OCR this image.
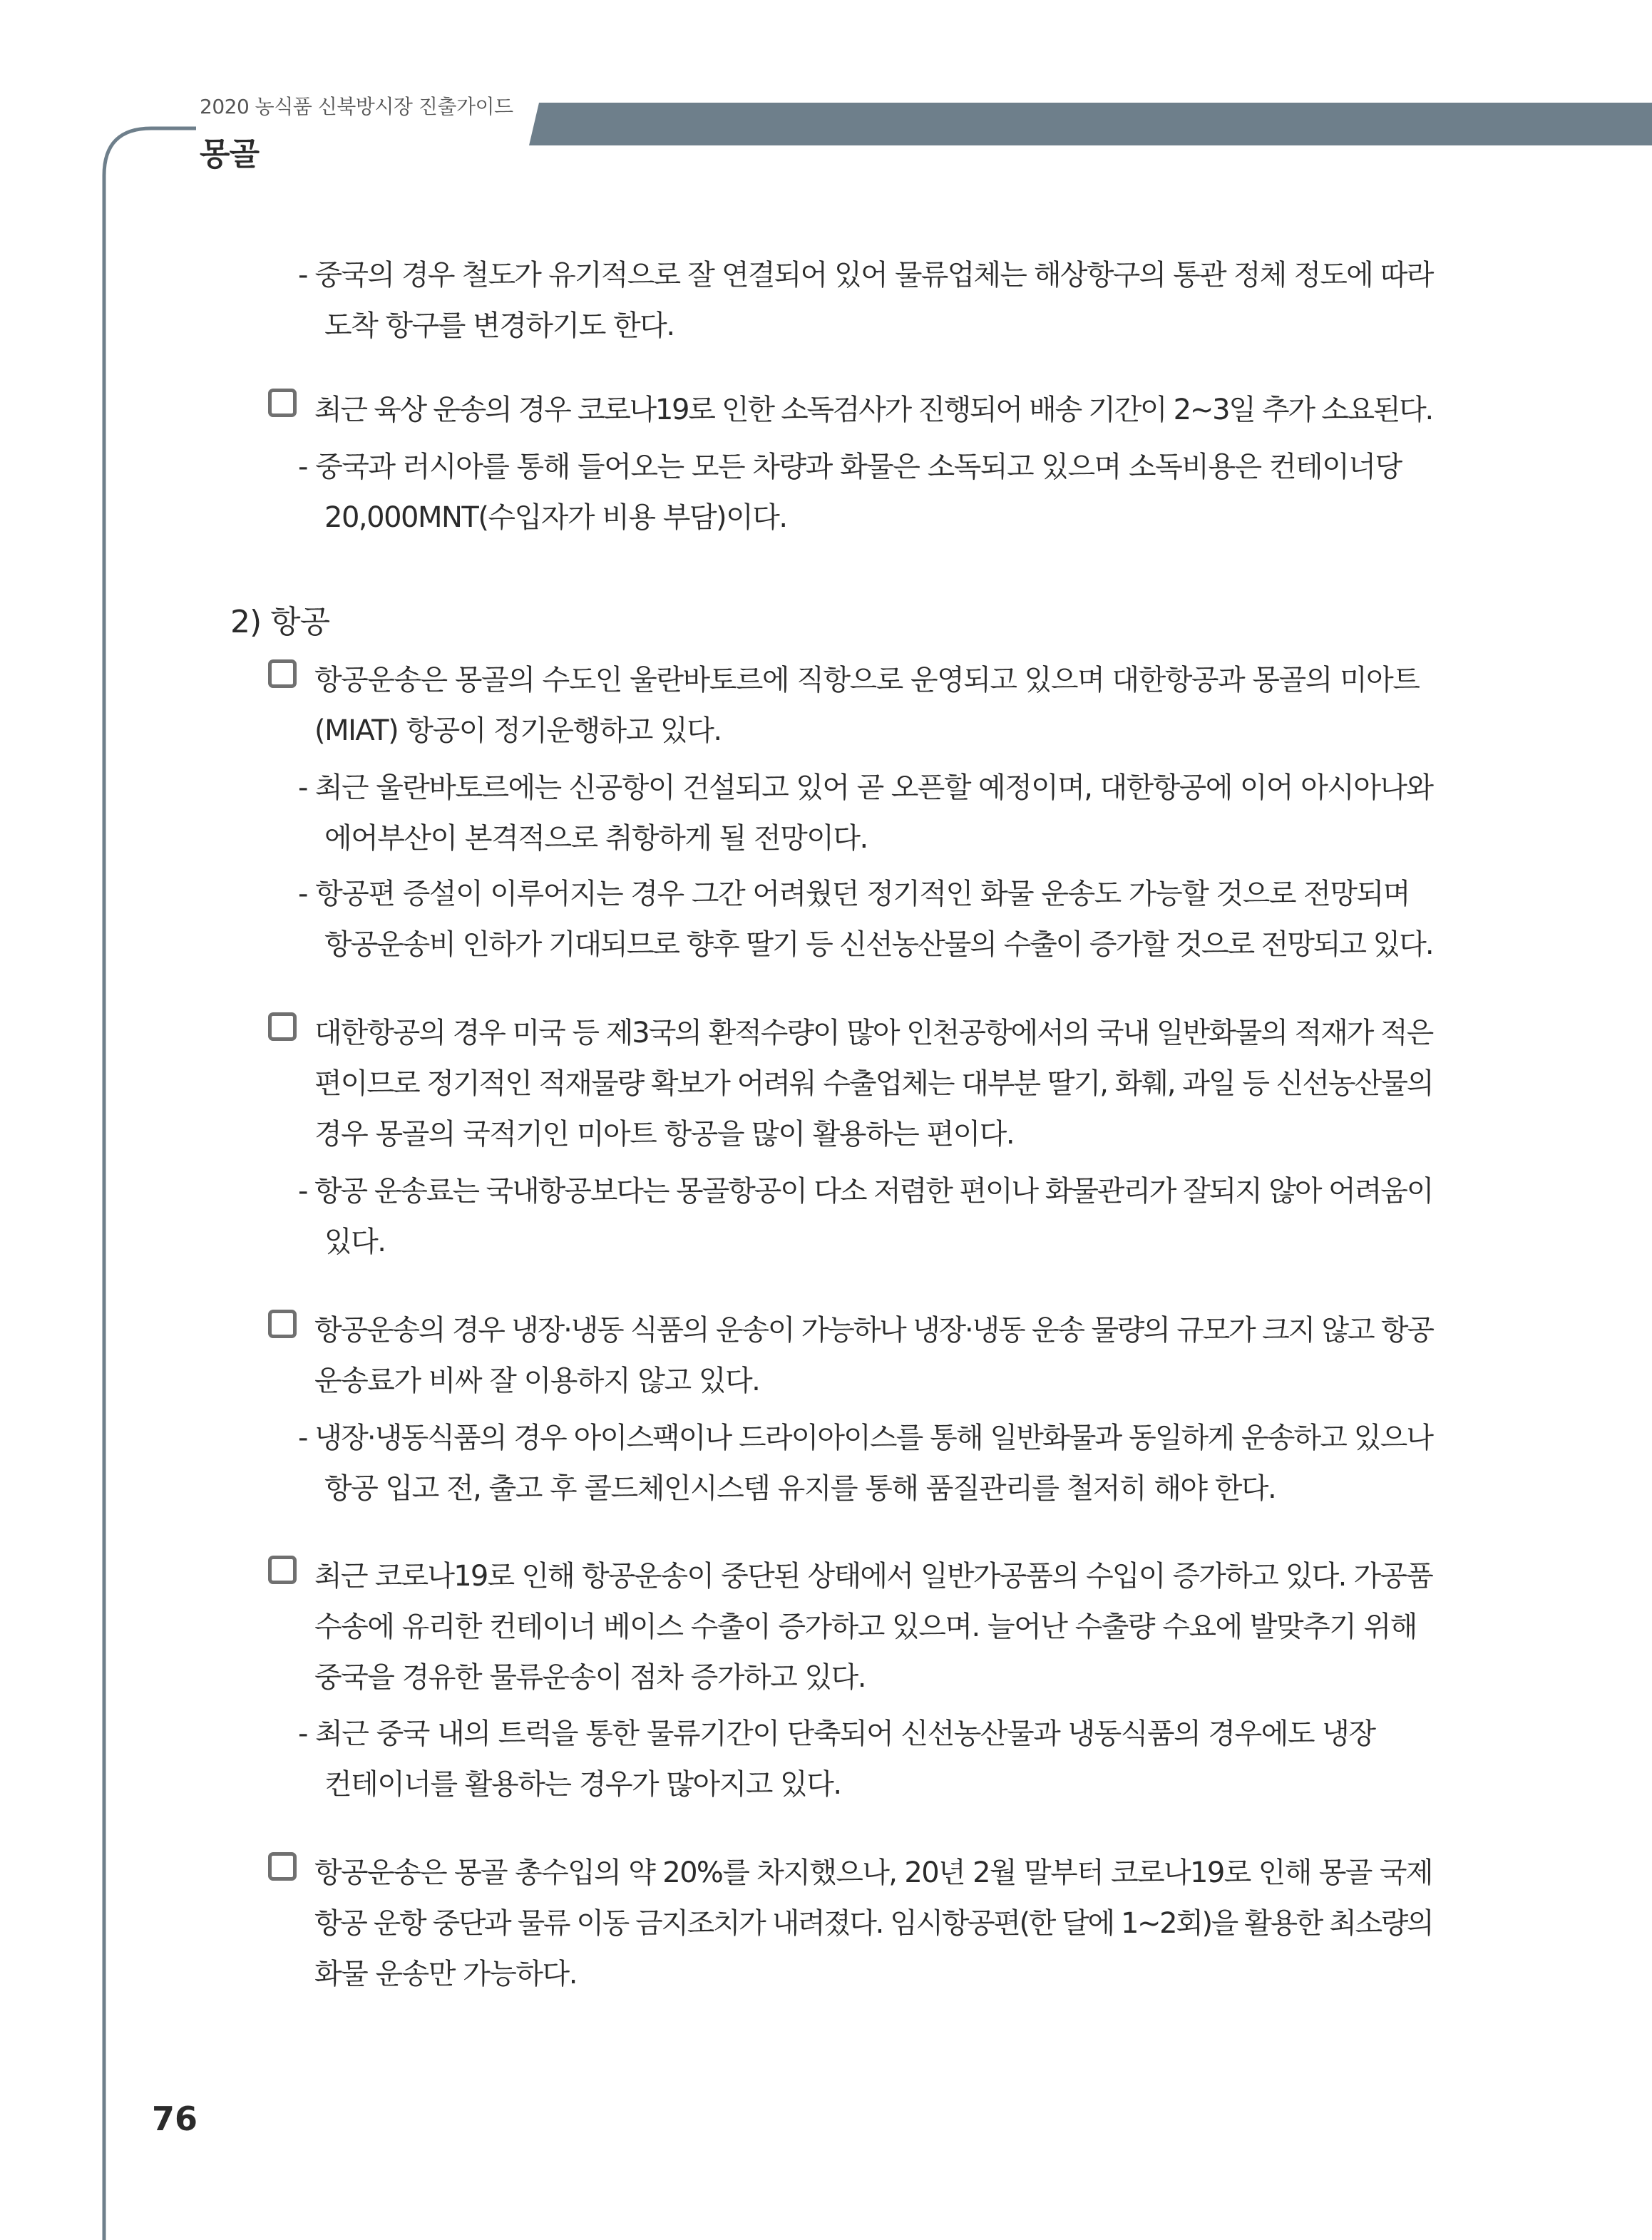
2020 농식품 신북방시장 진출가이드
몽골
2) 항공
- 중국의 경우 철도가 유기적으로 잘 연결되어 있어 물류업체는 해상항구의 통관 정체 정도에 따라
도착 항구를 변경하기도 한다.
최근 육상 운송의 경우 코로나19로 인한 소독검사가 진행되어 배송 기간이 2~3일 추가 소요된다.
- 중국과 러시아를 통해 들어오는 모든 차량과 화물은 소독되고 있으며 소독비용은 컨테이너당
20,000MNT(수입자가 비용 부담)이다.
항공운송은 몽골의 수도인 울란바토르에 직항으로 운영되고 있으며 대한항공과 몽골의 미아트
(MIAT) 항공이 정기운행하고 있다.
- 최근 울란바토르에는 신공항이 건설되고 있어 곧 오픈할 예정이며, 대한항공에 이어 아시아나와
에어부산이 본격적으로 취항하게 될 전망이다.
- 항공편 증설이 이루어지는 경우 그간 어려웠던 정기적인 화물 운송도 가능할 것으로 전망되며
항공운송비 인하가 기대되므로 향후 딸기 등 신선농산물의 수출이 증가할 것으로 전망되고 있다.
대한항공의 경우 미국 등 제3국의 환적수량이 많아 인천공항에서의 국내 일반화물의 적재가 적은
편이므로 정기적인 적재물량 확보가 어려워 수출업체는 대부분 딸기, 화훼, 과일 등 신선농산물의
경우 몽골의 국적기인 미아트 항공을 많이 활용하는 편이다.
- 항공 운송료는 국내항공보다는 몽골항공이 다소 저렴한 편이나 화물관리가 잘되지 않아 어려움이
있다.
항공운송의 경우 냉장·냉동 식품의 운송이 가능하나 냉장·냉동 운송 물량의 규모가 크지 않고 항공
운송료가 비싸 잘 이용하지 않고 있다.
- 냉장·냉동식품의 경우 아이스팩이나 드라이아이스를 통해 일반화물과 동일하게 운송하고 있으나
항공 입고 전, 출고 후 콜드체인시스템 유지를 통해 품질관리를 철저히 해야 한다.
최근 코로나19로 인해 항공운송이 중단된 상태에서 일반가공품의 수입이 증가하고 있다. 가공품
수송에 유리한 컨테이너 베이스 수출이 증가하고 있으며. 늘어난 수출량 수요에 발맞추기 위해
중국을 경유한 물류운송이 점차 증가하고 있다.
- 최근 중국 내의 트럭을 통한 물류기간이 단축되어 신선농산물과 냉동식품의 경우에도 냉장
컨테이너를 활용하는 경우가 많아지고 있다.
항공운송은 몽골 총수입의 약 20%를 차지했으나, 20년 2월 말부터 코로나19로 인해 몽골 국제
항공 운항 중단과 물류 이동 금지조치가 내려졌다. 임시항공편(한 달에 1~2회)을 활용한 최소량의
화물 운송만 가능하다.
76
